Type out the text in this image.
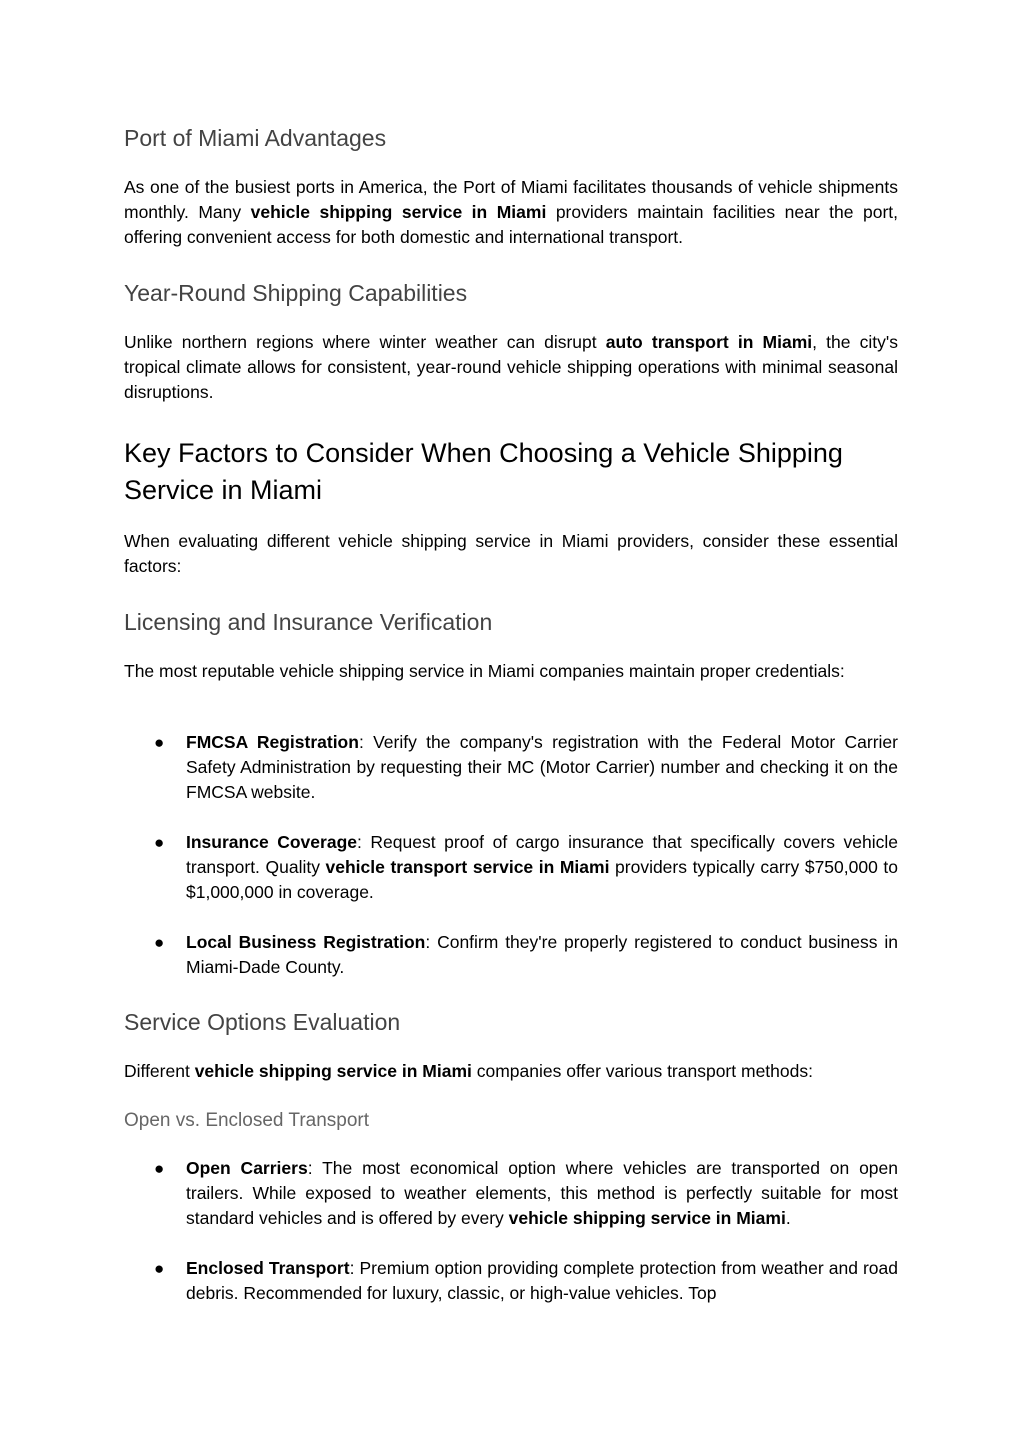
Port of Miami Advantages

As one of the busiest ports in America, the Port of Miami facilitates thousands of vehicle shipments monthly. Many vehicle shipping service in Miami providers maintain facilities near the port, offering convenient access for both domestic and international transport.

Year-Round Shipping Capabilities

Unlike northern regions where winter weather can disrupt auto transport in Miami, the city's tropical climate allows for consistent, year-round vehicle shipping operations with minimal seasonal disruptions.

Key Factors to Consider When Choosing a Vehicle Shipping Service in Miami

When evaluating different vehicle shipping service in Miami providers, consider these essential factors:

Licensing and Insurance Verification

The most reputable vehicle shipping service in Miami companies maintain proper credentials:

● FMCSA Registration: Verify the company's registration with the Federal Motor Carrier Safety Administration by requesting their MC (Motor Carrier) number and checking it on the FMCSA website.

● Insurance Coverage: Request proof of cargo insurance that specifically covers vehicle transport. Quality vehicle transport service in Miami providers typically carry $750,000 to $1,000,000 in coverage.

● Local Business Registration: Confirm they're properly registered to conduct business in Miami-Dade County.

Service Options Evaluation

Different vehicle shipping service in Miami companies offer various transport methods:

Open vs. Enclosed Transport
● Open Carriers: The most economical option where vehicles are transported on open trailers. While exposed to weather elements, this method is perfectly suitable for most standard vehicles and is offered by every vehicle shipping service in Miami.

● Enclosed Transport: Premium option providing complete protection from weather and road debris. Recommended for luxury, classic, or high-value vehicles. Top
